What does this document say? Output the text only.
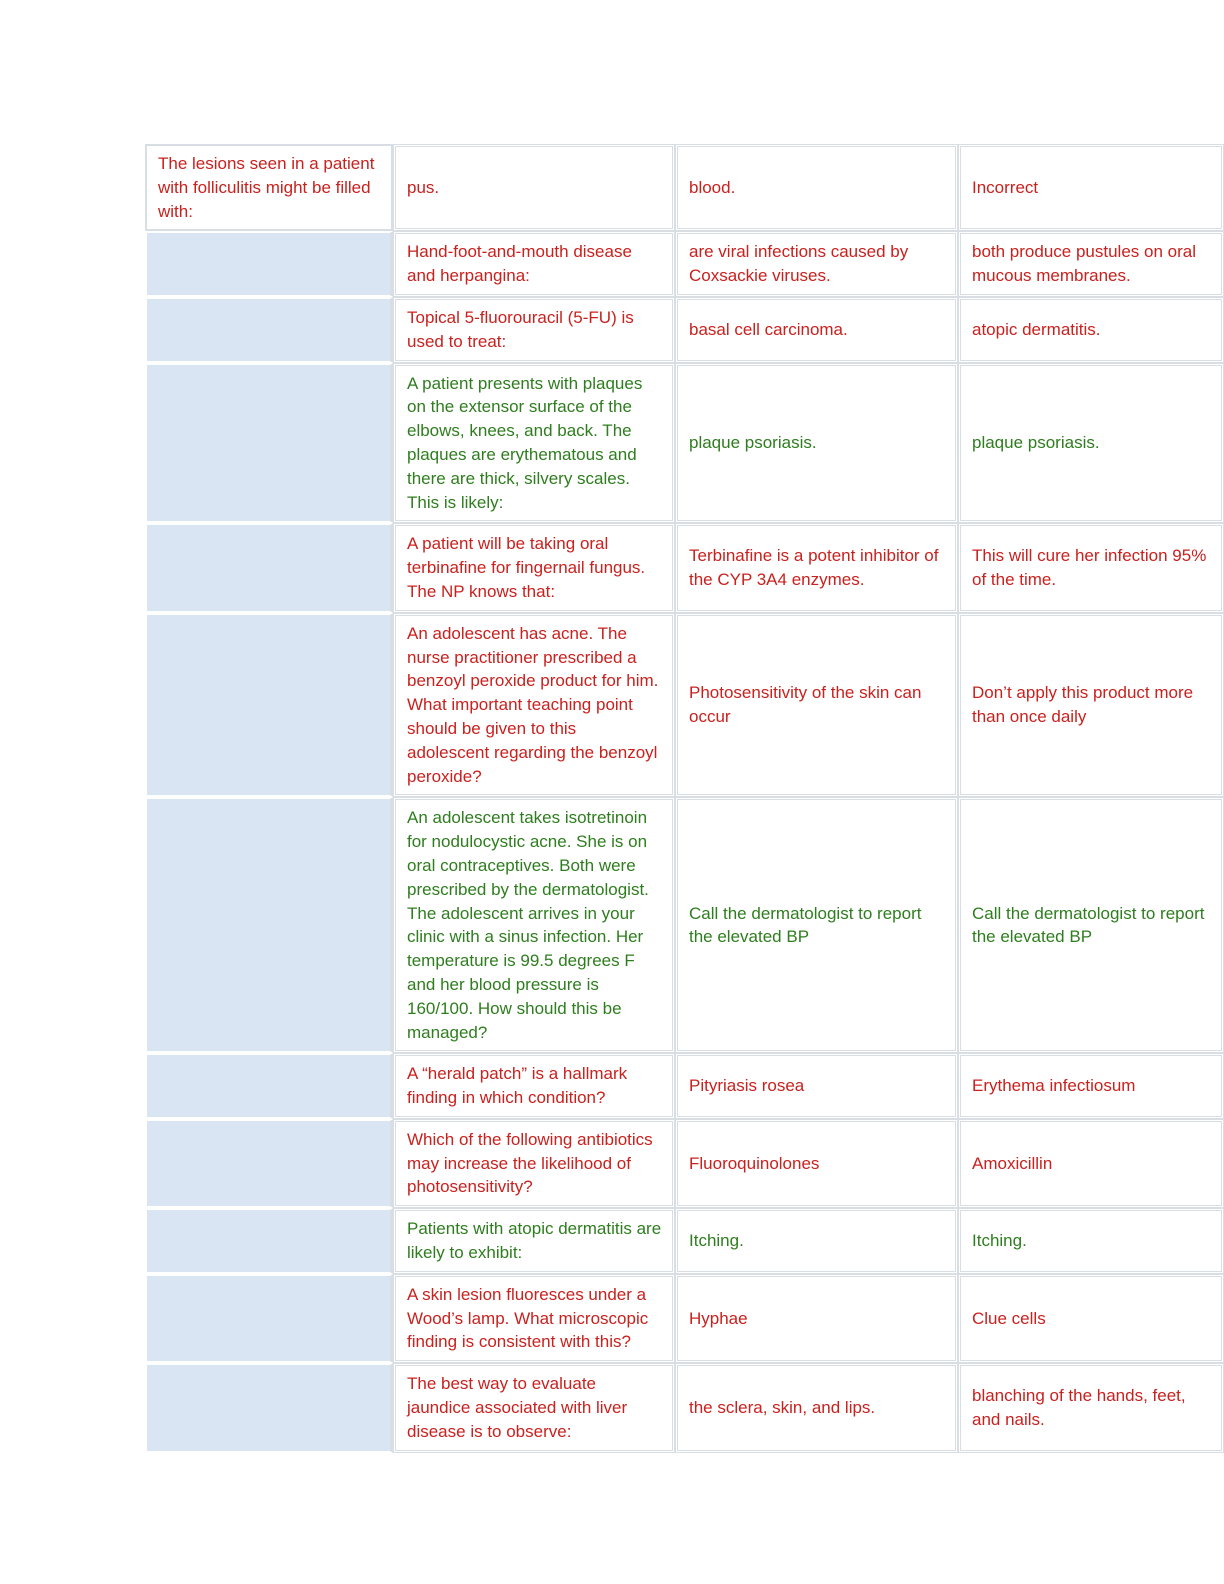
The lesions seen in a patient with folliculitis might be filled with:	pus.	blood.	Incorrect
	Hand-foot-and-mouth disease and herpangina:	are viral infections caused by Coxsackie viruses.	both produce pustules on oral mucous membranes.
	Topical 5-fluorouracil (5-FU) is used to treat:	basal cell carcinoma.	atopic dermatitis.
	A patient presents with plaques on the extensor surface of the elbows, knees, and back. The plaques are erythematous and there are thick, silvery scales. This is likely:	plaque psoriasis.	plaque psoriasis.
	A patient will be taking oral terbinafine for fingernail fungus. The NP knows that:	Terbinafine is a potent inhibitor of the CYP 3A4 enzymes.	This will cure her infection 95% of the time.
	An adolescent has acne. The nurse practitioner prescribed a benzoyl peroxide product for him. What important teaching point should be given to this adolescent regarding the benzoyl peroxide?	Photosensitivity of the skin can occur	Don’t apply this product more than once daily
	An adolescent takes isotretinoin for nodulocystic acne. She is on oral contraceptives. Both were prescribed by the dermatologist. The adolescent arrives in your clinic with a sinus infection. Her temperature is 99.5 degrees F and her blood pressure is 160/100. How should this be managed?	Call the dermatologist to report the elevated BP	Call the dermatologist to report the elevated BP
	A “herald patch” is a hallmark finding in which condition?	Pityriasis rosea	Erythema infectiosum
	Which of the following antibiotics may increase the likelihood of photosensitivity?	Fluoroquinolones	Amoxicillin
	Patients with atopic dermatitis are likely to exhibit:	Itching.	Itching.
	A skin lesion fluoresces under a Wood’s lamp. What microscopic finding is consistent with this?	Hyphae	Clue cells
	The best way to evaluate jaundice associated with liver disease is to observe:	the sclera, skin, and lips.	blanching of the hands, feet, and nails.
